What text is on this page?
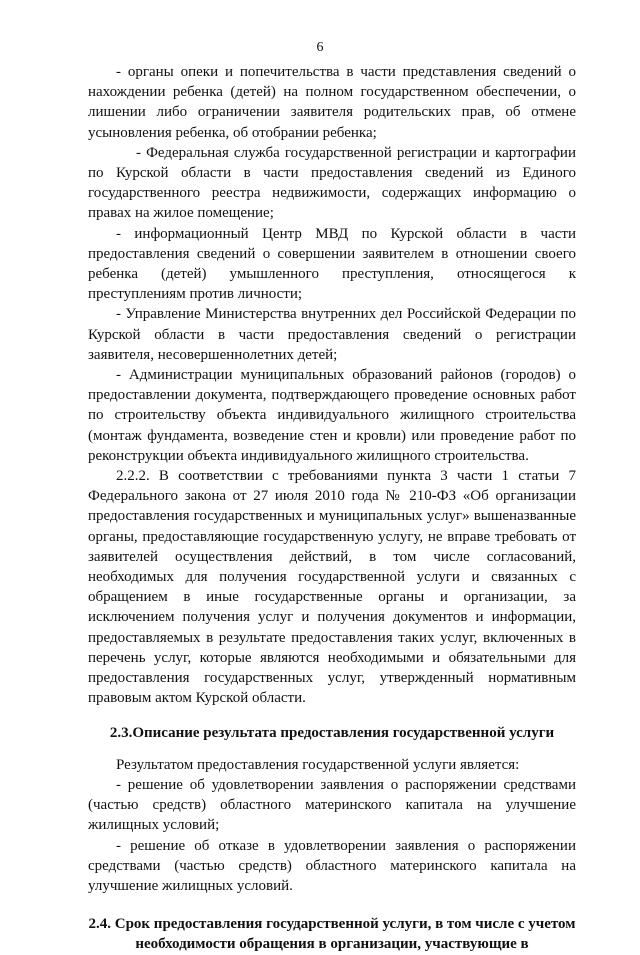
6

- органы опеки и попечительства в части представления сведений о нахождении ребенка (детей) на полном государственном обеспечении, о лишении либо ограничении заявителя родительских прав, об отмене усыновления ребенка, об отобрании ребенка;

- Федеральная служба государственной регистрации и картографии по Курской области в части предоставления сведений из Единого государственного реестра недвижимости, содержащих информацию о правах на жилое помещение;

- информационный Центр МВД по Курской области в части предоставления сведений о совершении заявителем в отношении своего ребенка (детей) умышленного преступления, относящегося к преступлениям против личности;

- Управление Министерства внутренних дел Российской Федерации по Курской области в части предоставления сведений о регистрации заявителя, несовершеннолетних детей;

- Администрации муниципальных образований районов (городов) о предоставлении документа, подтверждающего проведение основных работ по строительству объекта индивидуального жилищного строительства (монтаж фундамента, возведение стен и кровли) или проведение работ по реконструкции объекта индивидуального жилищного строительства.

2.2.2. В соответствии с требованиями пункта 3 части 1 статьи 7 Федерального закона от 27 июля 2010 года № 210-ФЗ «Об организации предоставления государственных и муниципальных услуг» вышеназванные органы, предоставляющие государственную услугу, не вправе требовать от заявителей осуществления действий, в том числе согласований, необходимых для получения государственной услуги и связанных с обращением в иные государственные органы и организации, за исключением получения услуг и получения документов и информации, предоставляемых в результате предоставления таких услуг, включенных в перечень услуг, которые являются необходимыми и обязательными для предоставления государственных услуг, утвержденный нормативным правовым актом Курской области.

2.3.Описание результата предоставления государственной услуги

Результатом предоставления государственной услуги является:

- решение об удовлетворении заявления о распоряжении средствами (частью средств) областного материнского капитала на улучшение жилищных условий;

- решение об отказе в удовлетворении заявления о распоряжении средствами (частью средств) областного материнского капитала на улучшение жилищных условий.

2.4. Срок предоставления государственной услуги, в том числе с учетом необходимости обращения в организации, участвующие в
